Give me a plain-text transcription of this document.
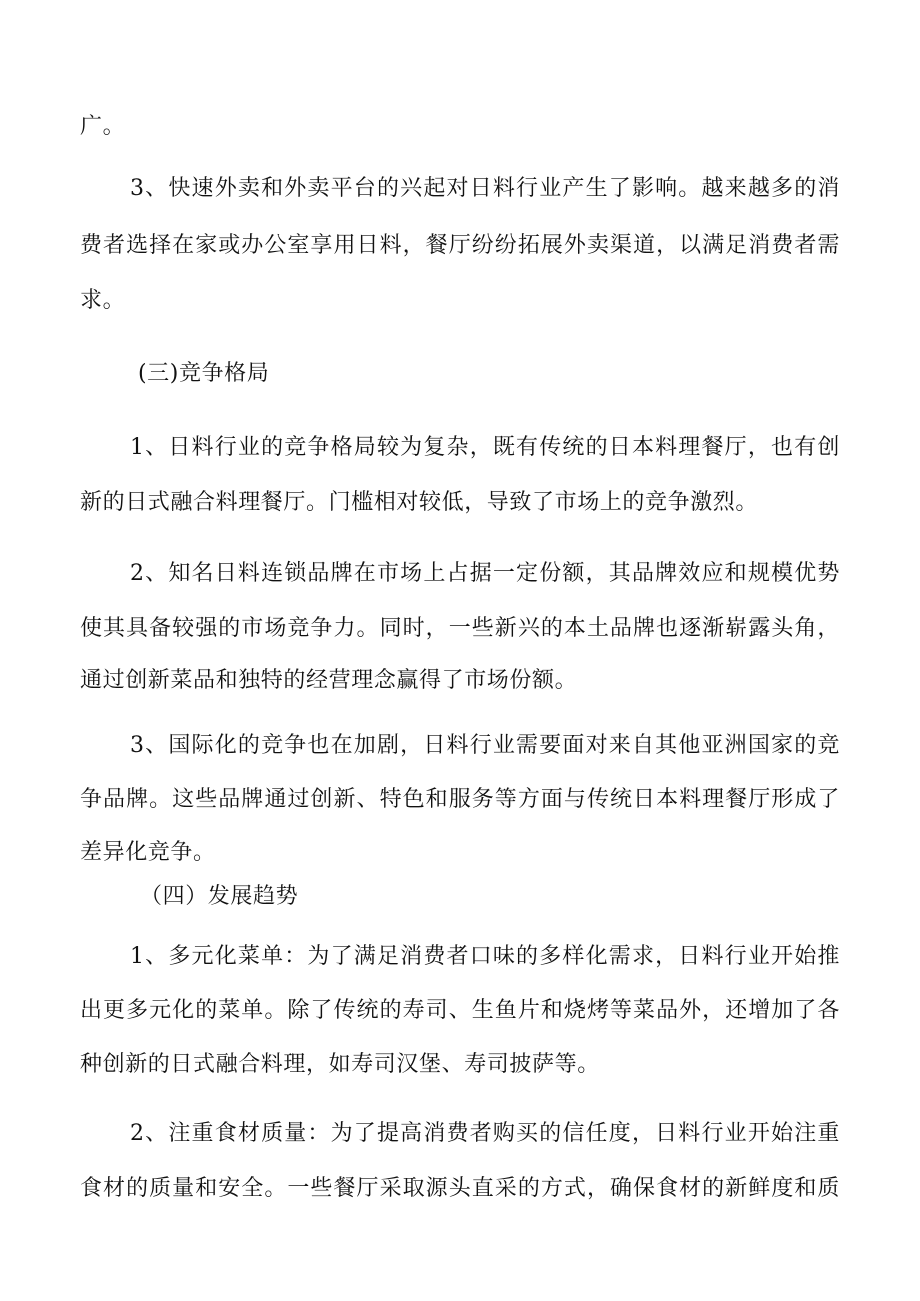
广。
3、快速外卖和外卖平台的兴起对日料行业产生了影响。越来越多的消
费者选择在家或办公室享用日料，餐厅纷纷拓展外卖渠道，以满足消费者需
求。
(三)竞争格局
1、日料行业的竞争格局较为复杂，既有传统的日本料理餐厅，也有创
新的日式融合料理餐厅。门槛相对较低，导致了市场上的竞争激烈。
2、知名日料连锁品牌在市场上占据一定份额，其品牌效应和规模优势
使其具备较强的市场竞争力。同时，一些新兴的本土品牌也逐渐崭露头角，
通过创新菜品和独特的经营理念赢得了市场份额。
3、国际化的竞争也在加剧，日料行业需要面对来自其他亚洲国家的竞
争品牌。这些品牌通过创新、特色和服务等方面与传统日本料理餐厅形成了
差异化竞争。
（四）发展趋势
1、多元化菜单：为了满足消费者口味的多样化需求，日料行业开始推
出更多元化的菜单。除了传统的寿司、生鱼片和烧烤等菜品外，还增加了各
种创新的日式融合料理，如寿司汉堡、寿司披萨等。
2、注重食材质量：为了提高消费者购买的信任度，日料行业开始注重
食材的质量和安全。一些餐厅采取源头直采的方式，确保食材的新鲜度和质
